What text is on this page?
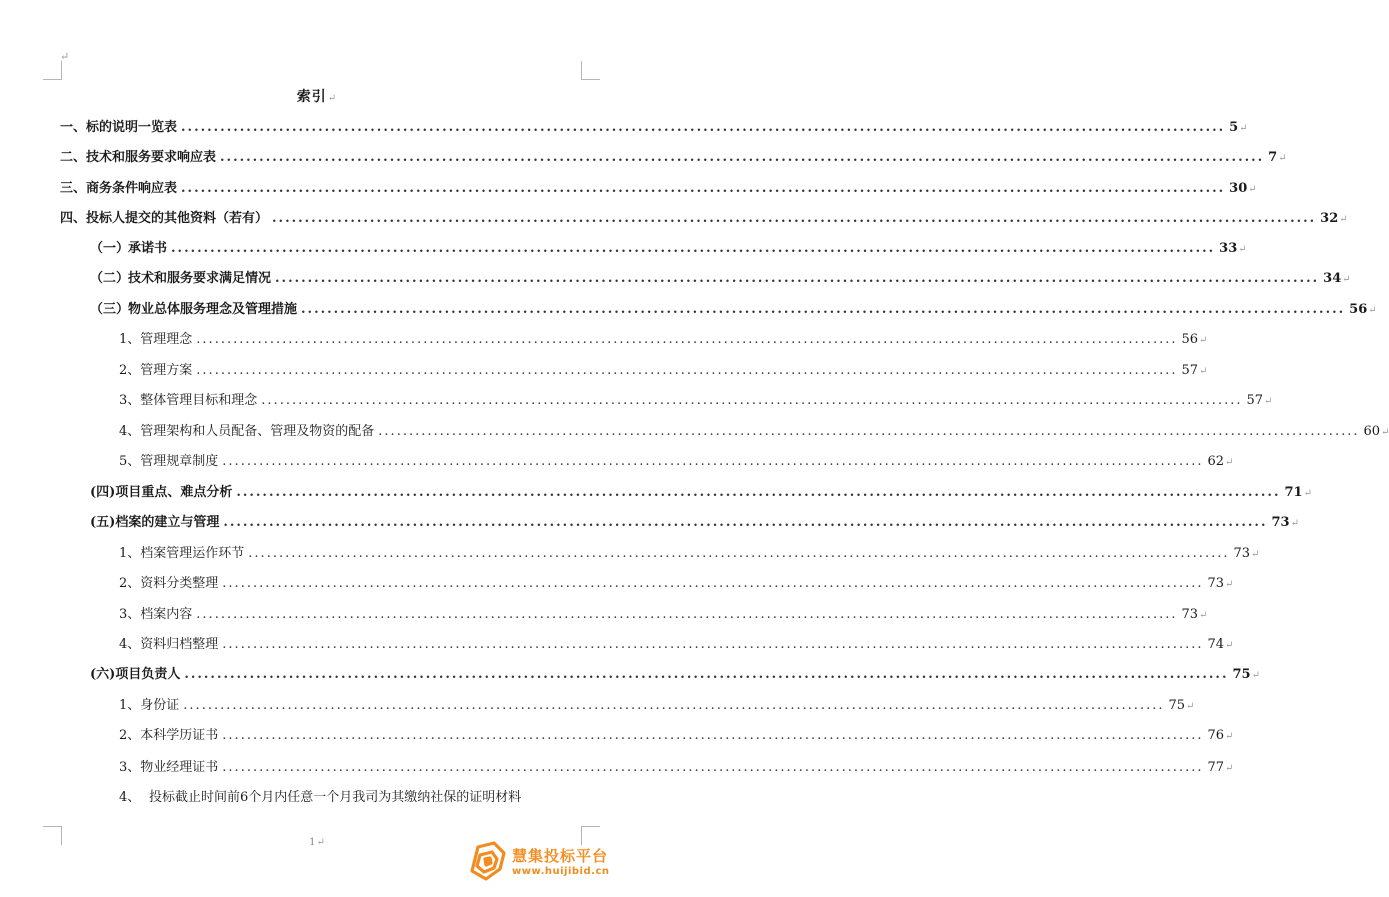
↵
索引↵
一、 标的说明一览表 ................................................................................................................................................................ 5 ↵
二、 技术和服务要求响应表 ................................................................................................................................................................ 7 ↵
三、 商务条件响应表 ................................................................................................................................................................ 30 ↵
四、 投标人提交的其他资料（若有） ................................................................................................................................................................ 32 ↵
（一）
承诺书 ................................................................................................................................................................ 33 ↵
（二）
技术和服务要求满足情况 ................................................................................................................................................................ 34 ↵
（三）
物业总体服务理念及管理措施 ................................................................................................................................................................ 56 ↵
1、 管理理念 ................................................................................................................................................................ 56 ↵
2、 管理方案 ................................................................................................................................................................ 57 ↵
3、 整体管理目标和理念 ................................................................................................................................................................ 57 ↵
4、 管理架构和人员配备、管理及物资的配备 ................................................................................................................................................................ 60 ↵
5、 管理规章制度 ................................................................................................................................................................ 62 ↵
(四) 项目重点、难点分析 ................................................................................................................................................................ 71 ↵
(五) 档案的建立与管理 ................................................................................................................................................................ 73 ↵
1、 档案管理运作环节 ................................................................................................................................................................ 73 ↵
2、 资料分类整理 ................................................................................................................................................................ 73 ↵
3、 档案内容 ................................................................................................................................................................ 73 ↵
4、 资料归档整理 ................................................................................................................................................................ 74 ↵
(六) 项目负责人 ................................................................................................................................................................ 75 ↵
1、 身份证 ................................................................................................................................................................ 75 ↵
2、 本科学历证书 ................................................................................................................................................................ 76 ↵
3、 物业经理证书 ................................................................................................................................................................ 77 ↵
4、 投标截止时间前6个月内任意一个月我司为其缴纳社保的证明材料
1↵
慧集投标平台
www.huijibid.cn
